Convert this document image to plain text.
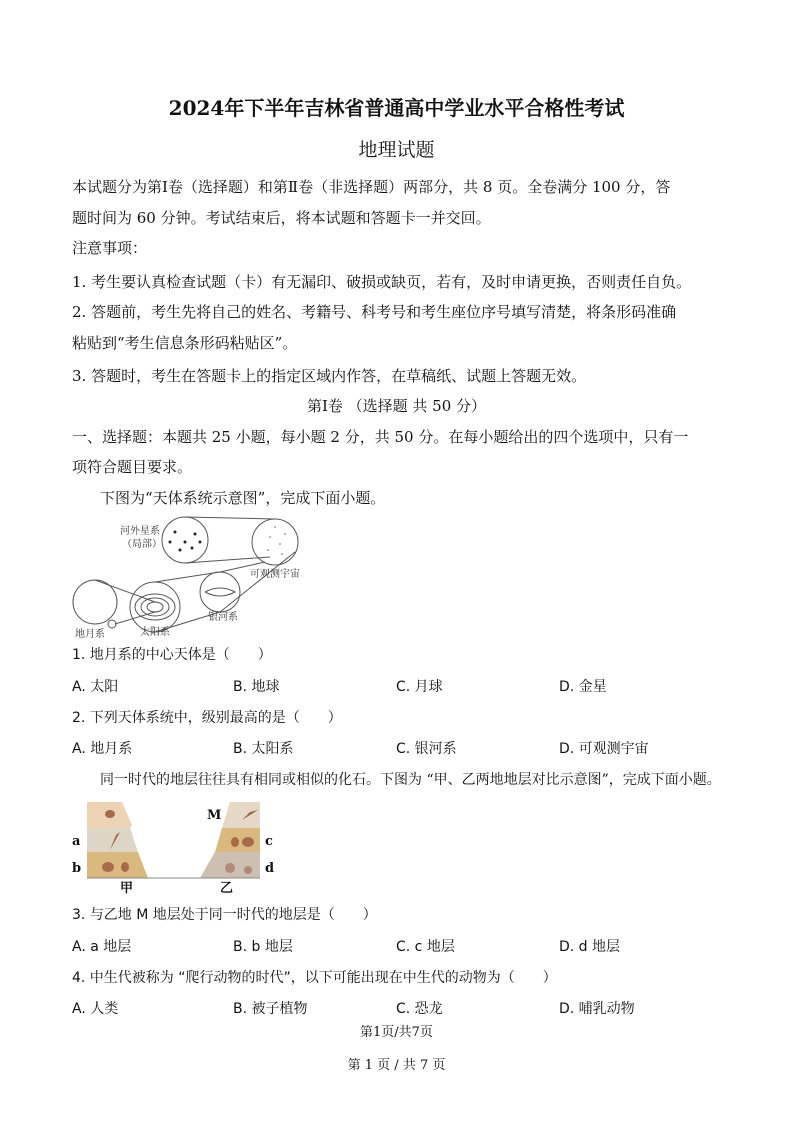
2024年下半年吉林省普通高中学业水平合格性考试
地理试题
本试题分为第Ⅰ卷（选择题）和第Ⅱ卷（非选择题）两部分，共 8 页。全卷满分 100 分，答
题时间为 60 分钟。考试结束后，将本试题和答题卡一并交回。
注意事项：
1. 考生要认真检查试题（卡）有无漏印、破损或缺页，若有，及时申请更换，否则责任自负。
2. 答题前，考生先将自己的姓名、考籍号、科考号和考生座位序号填写清楚，将条形码准确
粘贴到“考生信息条形码粘贴区”。
3. 答题时，考生在答题卡上的指定区域内作答，在草稿纸、试题上答题无效。
第Ⅰ卷 （选择题 共 50 分）
一、选择题：本题共 25 小题，每小题 2 分，共 50 分。在每小题给出的四个选项中，只有一
项符合题目要求。
下图为“天体系统示意图”，完成下面小题。
河外星系
（局部）
可观测宇宙
银河系
太阳系
地月系
1. 地月系的中心天体是（　　）
A. 太阳	B. 地球	C. 月球	D. 金星
2. 下列天体系统中，级别最高的是（　　）
A. 地月系	B. 太阳系	C. 银河系	D. 可观测宇宙
同一时代的地层往往具有相同或相似的化石。下图为 “甲、乙两地地层对比示意图”，完成下面小题。
a
b
M
c
d
甲	乙
3. 与乙地 M 地层处于同一时代的地层是（　　）
A. a 地层	B. b 地层	C. c 地层	D. d 地层
4. 中生代被称为 “爬行动物的时代”，以下可能出现在中生代的动物为（　　）
A. 人类	B. 被子植物	C. 恐龙	D. 哺乳动物
第1页/共7页
第 1 页 / 共 7 页
